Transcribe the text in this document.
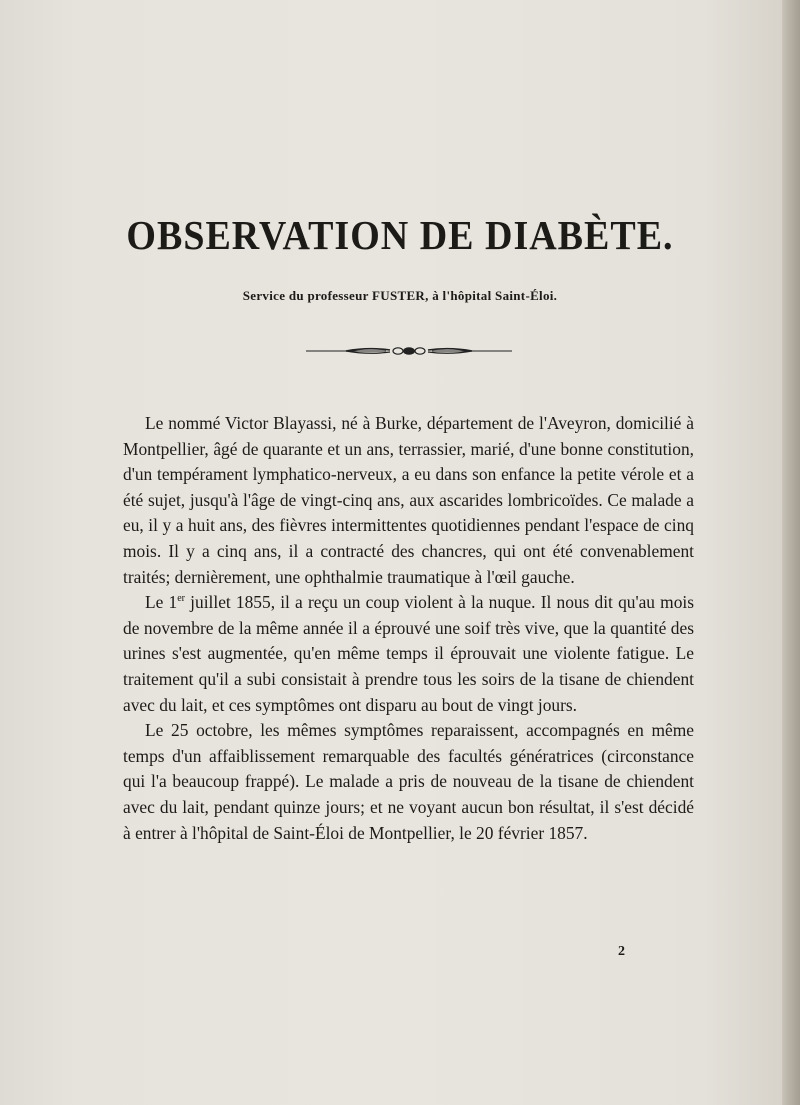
OBSERVATION DE DIABÈTE.
Service du professeur FUSTER, à l'hôpital Saint-Éloi.

Le nommé Victor Blayassi, né à Burke, département de l'Aveyron, domicilié à Montpellier, âgé de quarante et un ans, terrassier, marié, d'une bonne constitution, d'un tempérament lymphatico-nerveux, a eu dans son enfance la petite vérole et a été sujet, jusqu'à l'âge de vingt-cinq ans, aux ascarides lombricoïdes. Ce malade a eu, il y a huit ans, des fièvres intermittentes quotidiennes pendant l'espace de cinq mois. Il y a cinq ans, il a contracté des chancres, qui ont été convenablement traités; dernièrement, une ophthalmie traumatique à l'œil gauche.

Le 1er juillet 1855, il a reçu un coup violent à la nuque. Il nous dit qu'au mois de novembre de la même année il a éprouvé une soif très vive, que la quantité des urines s'est augmentée, qu'en même temps il éprouvait une violente fatigue. Le traitement qu'il a subi consistait à prendre tous les soirs de la tisane de chiendent avec du lait, et ces symptômes ont disparu au bout de vingt jours.

Le 25 octobre, les mêmes symptômes reparaissent, accompagnés en même temps d'un affaiblissement remarquable des facultés génératrices (circonstance qui l'a beaucoup frappé). Le malade a pris de nouveau de la tisane de chiendent avec du lait, pendant quinze jours; et ne voyant aucun bon résultat, il s'est décidé à entrer à l'hôpital de Saint-Éloi de Montpellier, le 20 février 1857.

2
